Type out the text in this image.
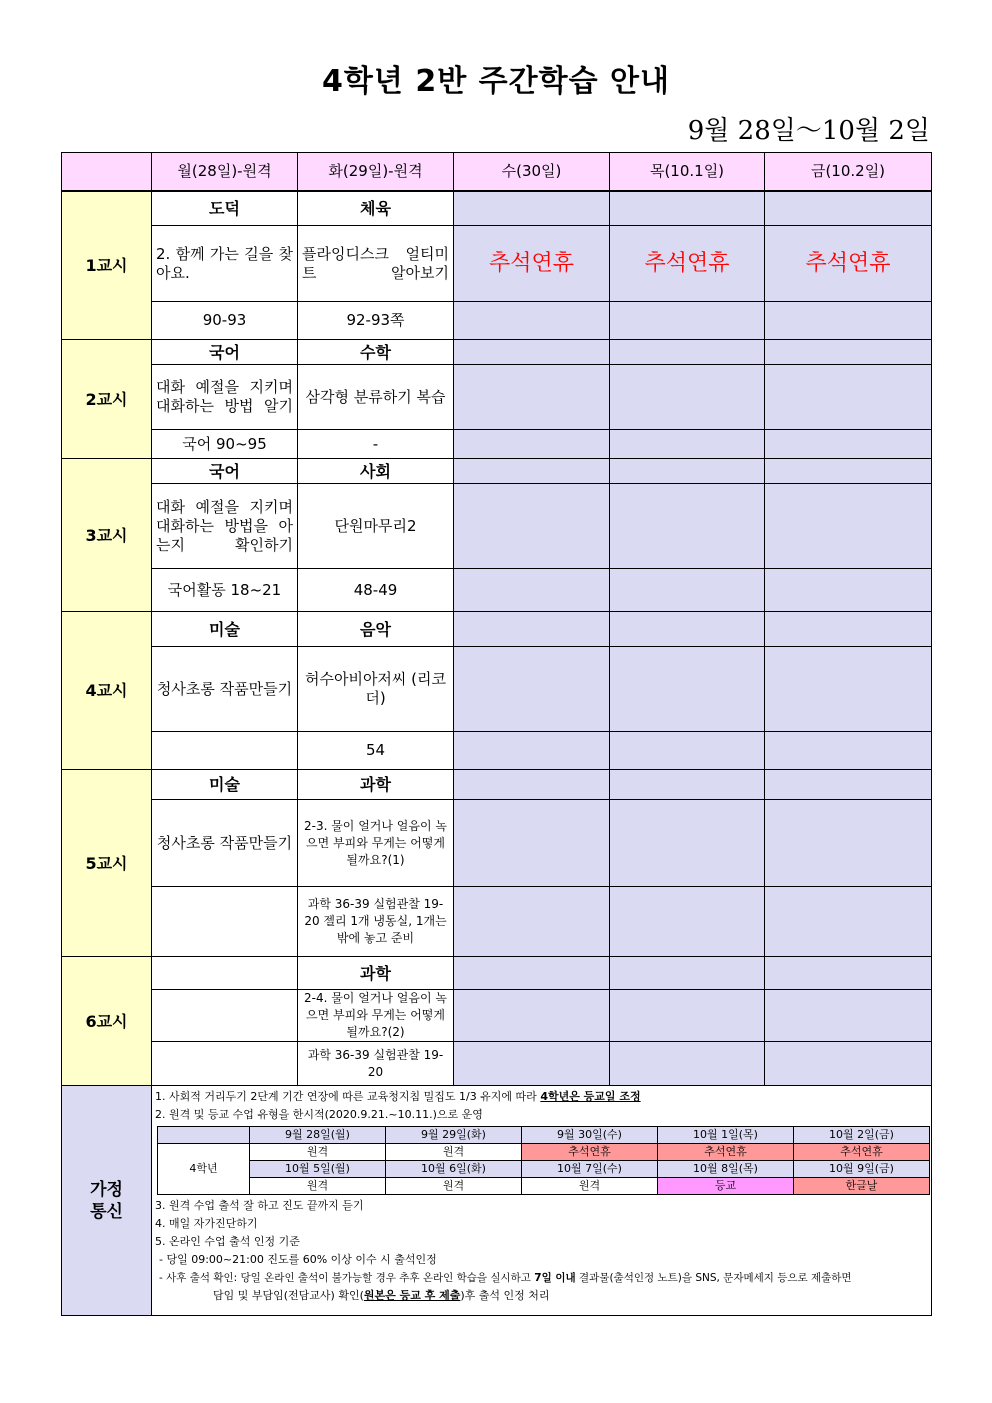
4학년 2반 주간학습 안내
9월 28일～10월 2일
	월(28일)-원격	화(29일)-원격	수(30일)	목(10.1일)	금(10.2일)
1교시	도덕	체육			
2. 함께 가는 길을 찾아요.	플라잉디스크 얼티미트 알아보기	추석연휴	추석연휴	추석연휴
90-93	92-93쪽			
2교시	국어	수학			
대화 예절을 지키며 대화하는 방법 알기	삼각형 분류하기 복습			
국어 90~95	-			
3교시	국어	사회			
대화 예절을 지키며 대화하는 방법을 아는지 확인하기	단원마무리2			
국어활동 18~21	48-49			
4교시	미술	음악			
청사초롱 작품만들기	허수아비아저씨 (리코더)			
	54			
5교시	미술	과학			
청사초롱 작품만들기	2-3. 물이 얼거나 얼음이 녹으면 부피와 무게는 어떻게 될까요?(1)			
	과학 36-39 실험관찰 19-20 젤리 1개 냉동실, 1개는 밖에 놓고 준비			
6교시		과학			
	2-4. 물이 얼거나 얼음이 녹으면 부피와 무게는 어떻게 될까요?(2)			
	과학 36-39 실험관찰 19-20			
가정 통신	
1. 사회적 거리두기 2단계 기간 연장에 따른 교육청지침 밀집도 1/3 유지에 따라 4학년은 등교일 조정
2. 원격 및 등교 수업 유형을 한시적(2020.9.21.~10.11.)으로 운영
	9월 28일(월)	9월 29일(화)	9월 30일(수)	10월 1일(목)	10월 2일(금)
4학년	원격	원격	추석연휴	추석연휴	추석연휴
10월 5일(월)	10월 6일(화)	10월 7일(수)	10월 8일(목)	10월 9일(금)
원격	원격	원격	등교	한글날
3. 원격 수업 출석 잘 하고 진도 끝까지 듣기
4. 매일 자가진단하기
5. 온라인 수업 출석 인정 기준
- 당일 09:00~21:00 진도를 60% 이상 이수 시 출석인정
- 사후 출석 확인: 당일 온라인 출석이 불가능할 경우 추후 온라인 학습을 실시하고 7일 이내 결과물(출석인정 노트)을 SNS, 문자메세지 등으로 제출하면
담임 및 부담임(전담교사) 확인(원본은 등교 후 제출)후 출석 인정 처리
